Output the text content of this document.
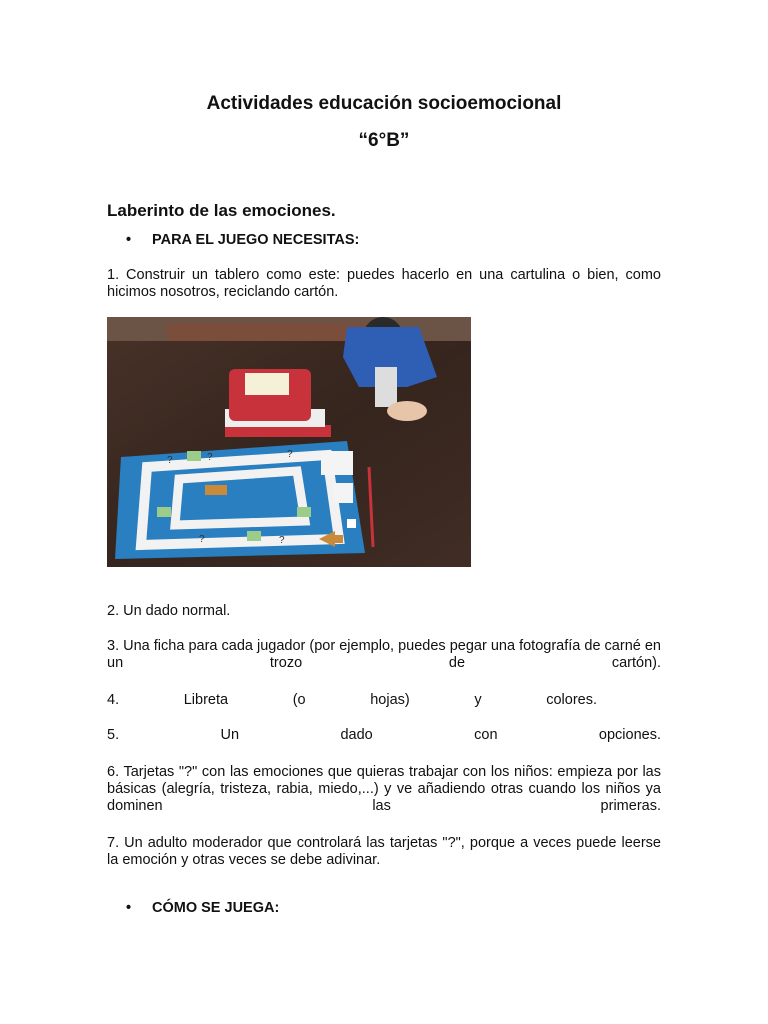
Actividades educación socioemocional
“6°B”
Laberinto de las emociones.
• PARA EL JUEGO NECESITAS:
1. Construir un tablero como este: puedes hacerlo en una cartulina o bien, como hicimos nosotros, reciclando cartón.
?	?	?
?	?
2. Un dado normal.
3. Una ficha para cada jugador (por ejemplo, puedes pegar una fotografía de carné en un trozo de cartón).
4. Libreta (o hojas) y colores.
5. Un dado con opciones.
6. Tarjetas "?" con las emociones que quieras trabajar con los niños: empieza por las básicas (alegría, tristeza, rabia, miedo,...) y ve añadiendo otras cuando los niños ya dominen las primeras.
7. Un adulto moderador que controlará las tarjetas "?", porque a veces puede leerse la emoción y otras veces se debe adivinar.
• CÓMO SE JUEGA:
